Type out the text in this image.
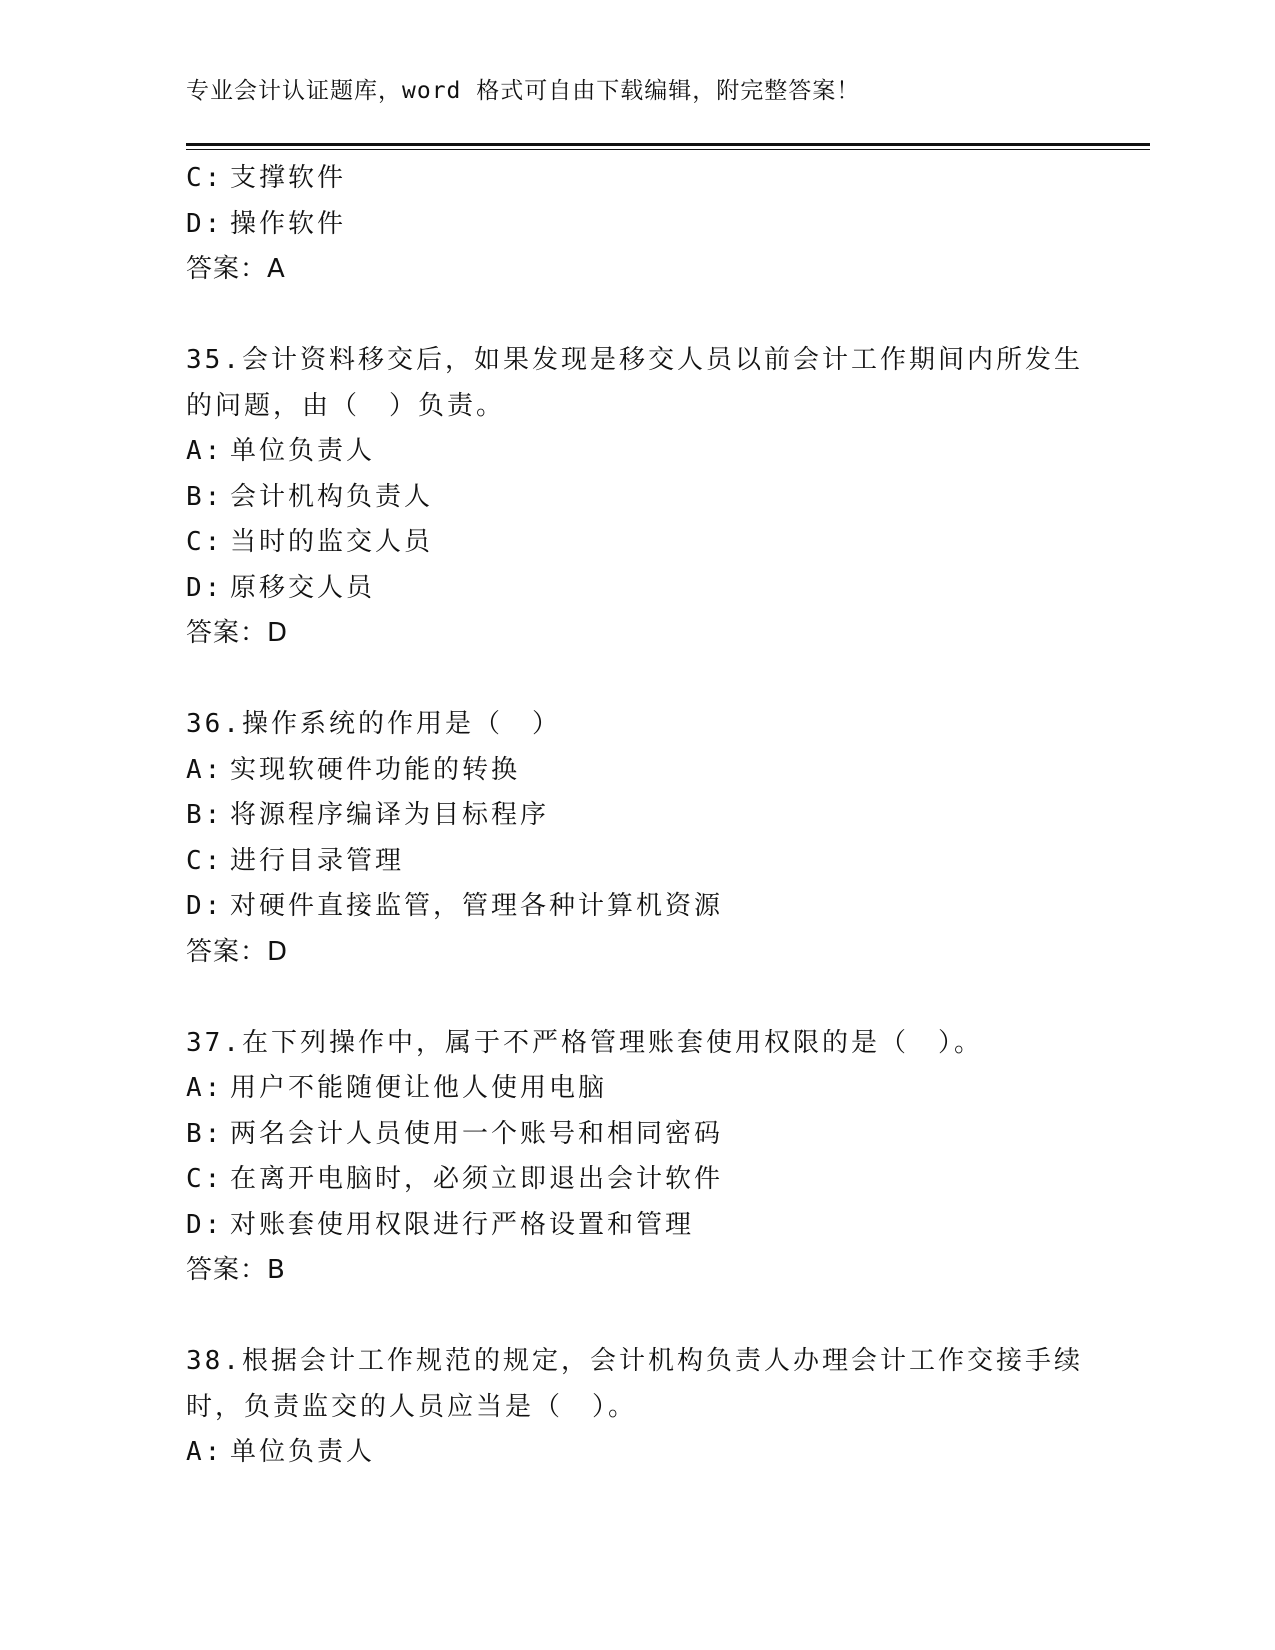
专业会计认证题库，word 格式可自由下载编辑，附完整答案！
C: 支撑软件
D: 操作软件
答案：A
35.会计资料移交后，如果发现是移交人员以前会计工作期间内所发生
的问题，由（　）负责。
A: 单位负责人
B: 会计机构负责人
C: 当时的监交人员
D: 原移交人员
答案：D
36.操作系统的作用是（　）
A: 实现软硬件功能的转换
B: 将源程序编译为目标程序
C: 进行目录管理
D: 对硬件直接监管，管理各种计算机资源
答案：D
37.在下列操作中，属于不严格管理账套使用权限的是（　）。
A: 用户不能随便让他人使用电脑
B: 两名会计人员使用一个账号和相同密码
C: 在离开电脑时，必须立即退出会计软件
D: 对账套使用权限进行严格设置和管理
答案：B
38.根据会计工作规范的规定，会计机构负责人办理会计工作交接手续
时，负责监交的人员应当是（　）。
A: 单位负责人
